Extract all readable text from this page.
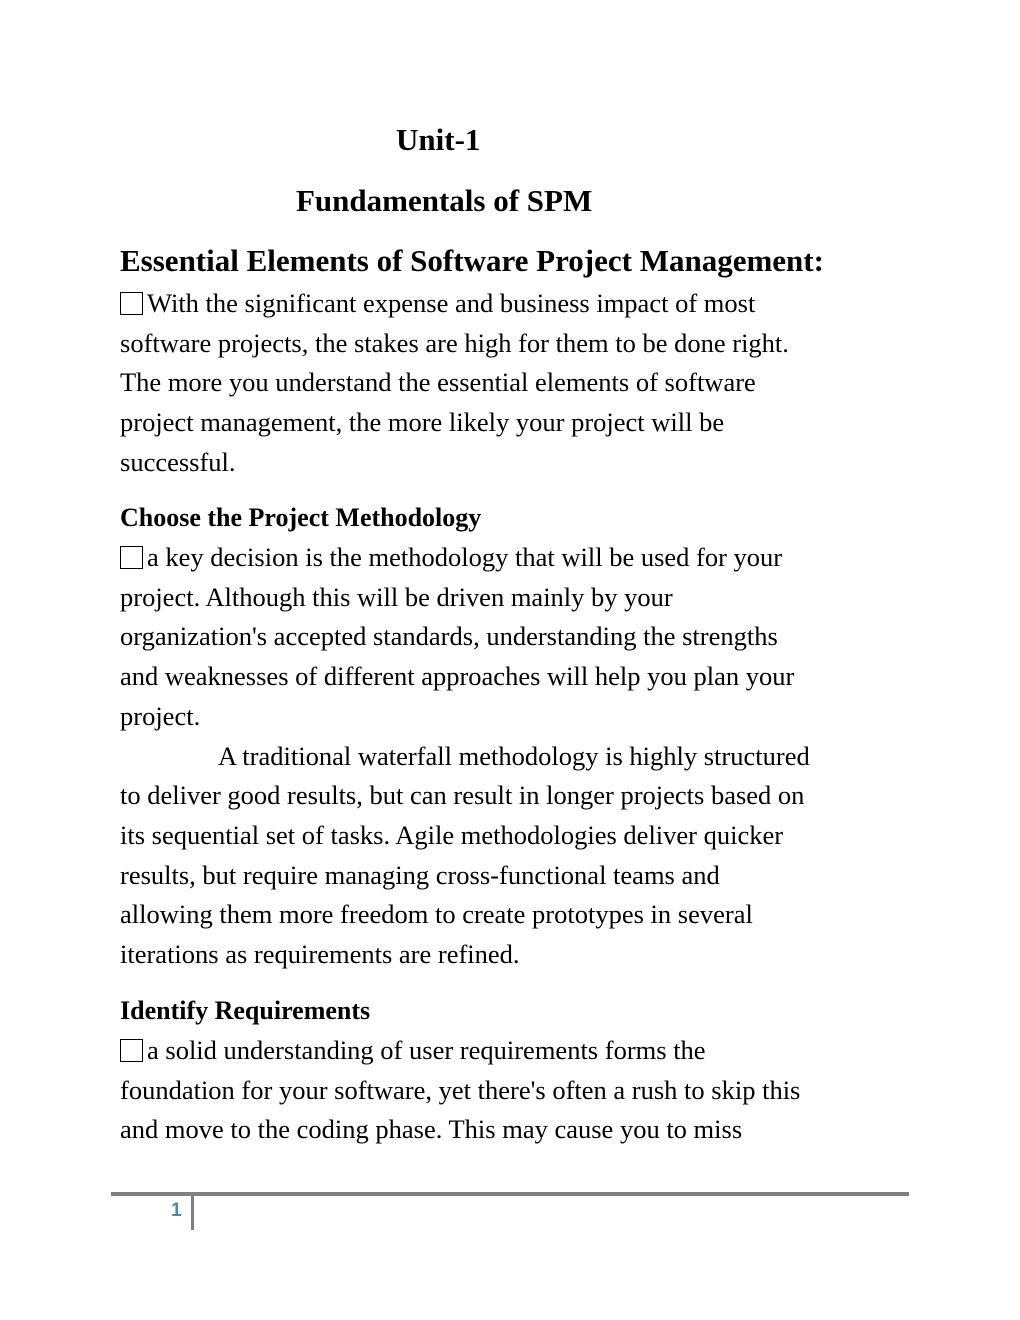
Unit-1
Fundamentals of SPM
Essential Elements of Software Project Management:
With the significant expense and business impact of most
software projects, the stakes are high for them to be done right.
The more you understand the essential elements of software
project management, the more likely your project will be
successful.
Choose the Project Methodology
a key decision is the methodology that will be used for your
project. Although this will be driven mainly by your
organization's accepted standards, understanding the strengths
and weaknesses of different approaches will help you plan your
project.
A traditional waterfall methodology is highly structured
to deliver good results, but can result in longer projects based on
its sequential set of tasks. Agile methodologies deliver quicker
results, but require managing cross-functional teams and
allowing them more freedom to create prototypes in several
iterations as requirements are refined.
Identify Requirements
a solid understanding of user requirements forms the
foundation for your software, yet there's often a rush to skip this
and move to the coding phase. This may cause you to miss
1
